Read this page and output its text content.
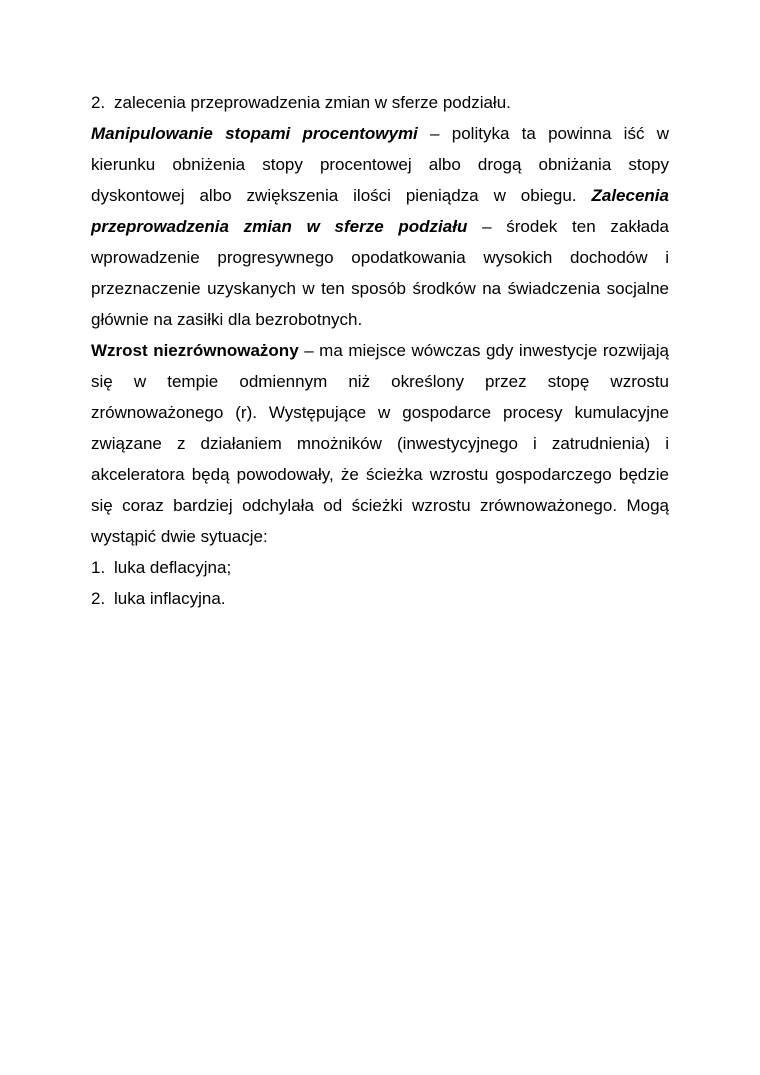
2. zalecenia przeprowadzenia zmian w sferze podziału.

Manipulowanie stopami procentowymi – polityka ta powinna iść w kierunku obniżenia stopy procentowej albo drogą obniżania stopy dyskontowej albo zwiększenia ilości pieniądza w obiegu. Zalecenia przeprowadzenia zmian w sferze podziału – środek ten zakłada wprowadzenie progresywnego opodatkowania wysokich dochodów i przeznaczenie uzyskanych w ten sposób środków na świadczenia socjalne głównie na zasiłki dla bezrobotnych.

Wzrost niezrównoważony – ma miejsce wówczas gdy inwestycje rozwijają się w tempie odmiennym niż określony przez stopę wzrostu zrównoważonego (r). Występujące w gospodarce procesy kumulacyjne związane z działaniem mnożników (inwestycyjnego i zatrudnienia) i akceleratora będą powodowały, że ścieżka wzrostu gospodarczego będzie się coraz bardziej odchylała od ścieżki wzrostu zrównoważonego. Mogą wystąpić dwie sytuacje:

1. luka deflacyjna;
2. luka inflacyjna.
